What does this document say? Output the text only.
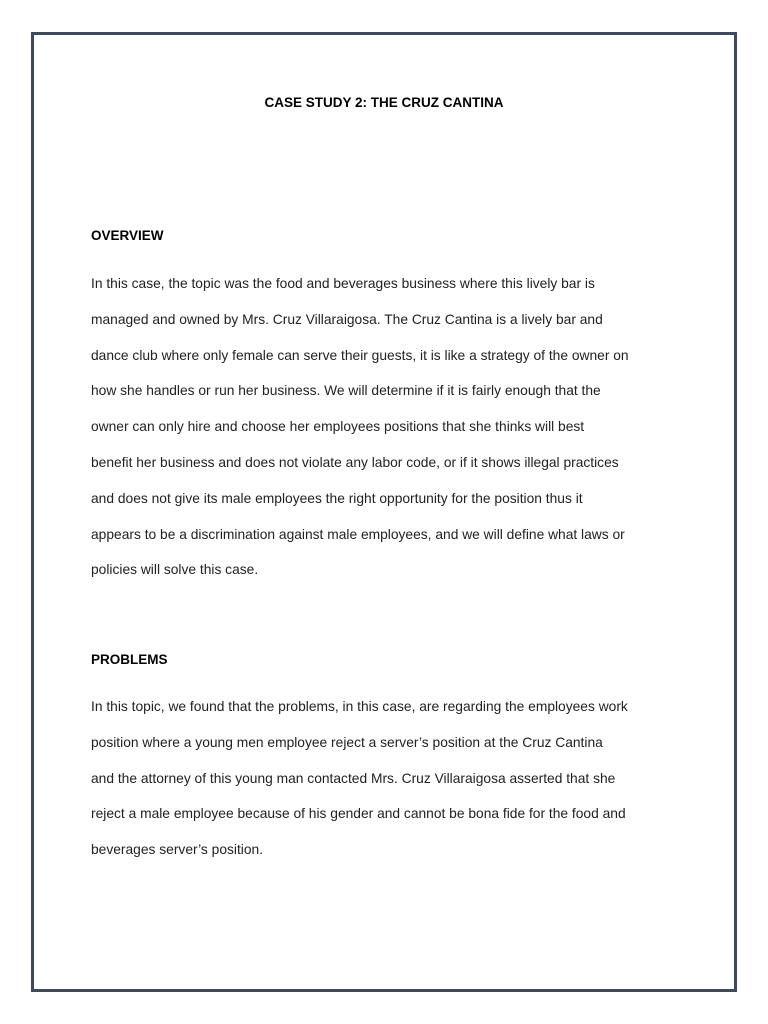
CASE STUDY 2: THE CRUZ CANTINA
OVERVIEW
In this case, the topic was the food and beverages business where this lively bar is
managed and owned by Mrs. Cruz Villaraigosa. The Cruz Cantina is a lively bar and
dance club where only female can serve their guests, it is like a strategy of the owner on
how she handles or run her business. We will determine if it is fairly enough that the
owner can only hire and choose her employees positions that she thinks will best
benefit her business and does not violate any labor code, or if it shows illegal practices
and does not give its male employees the right opportunity for the position thus it
appears to be a discrimination against male employees, and we will define what laws or
policies will solve this case.
PROBLEMS
In this topic, we found that the problems, in this case, are regarding the employees work
position where a young men employee reject a server’s position at the Cruz Cantina
and the attorney of this young man contacted Mrs. Cruz Villaraigosa asserted that she
reject a male employee because of his gender and cannot be bona fide for the food and
beverages server’s position.
